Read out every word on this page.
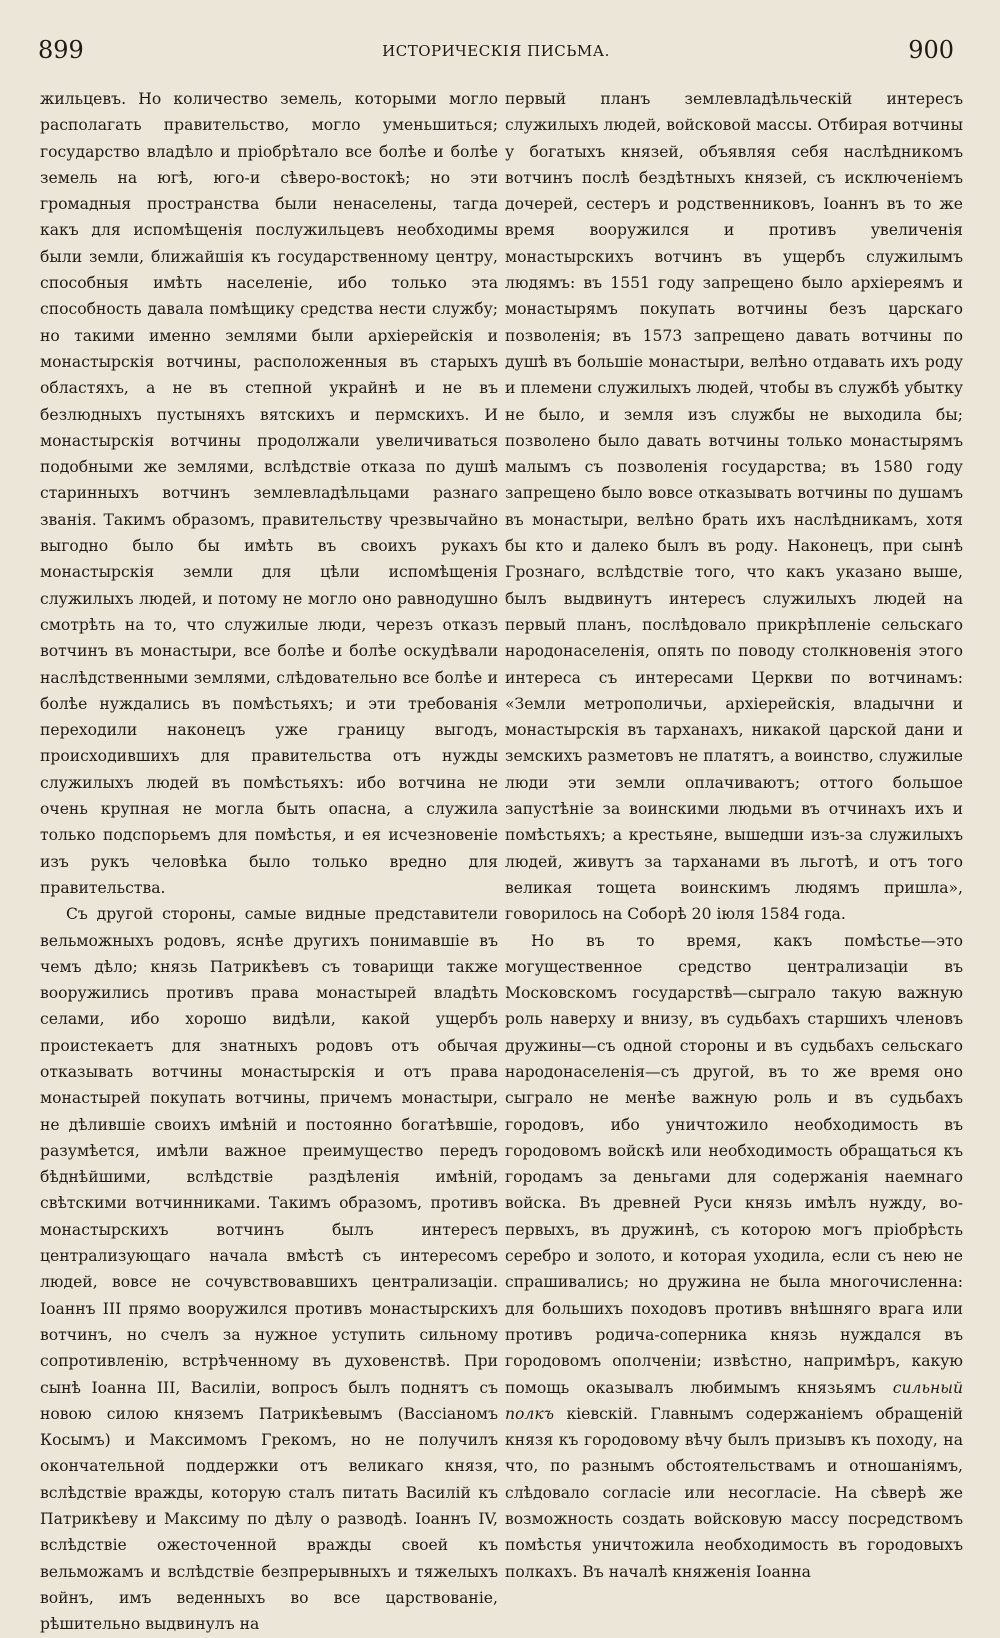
899	ИСТОРИЧЕСКІЯ ПИСЬМА.	900

жильцевъ. Но количество земель, которыми могло располагать правительство, могло уменьшиться; государство владѣло и пріобрѣтало все болѣе и болѣе земель на югѣ, юго-и сѣверо-востокѣ; но эти громадныя пространства были ненаселены, тагда какъ для испомѣщенія послужильцевъ необходимы были земли, ближайшія къ государственному центру, способныя имѣть населеніе, ибо только эта способность давала помѣщику средства нести службу; но такими именно землями были архіерейскія и монастырскія вотчины, расположенныя въ старыхъ областяхъ, а не въ степной украйнѣ и не въ безлюдныхъ пустыняхъ вятскихъ и пермскихъ. И монастырскія вотчины продолжали увеличиваться подобными же землями, вслѣдствіе отказа по душѣ старинныхъ вотчинъ землевладѣльцами разнаго званія. Такимъ образомъ, правительству чрезвычайно выгодно было бы имѣть въ своихъ рукахъ монастырскія земли для цѣли испомѣщенія служилыхъ людей, и потому не могло оно равнодушно смотрѣть на то, что служилые люди, черезъ отказъ вотчинъ въ монастыри, все болѣе и болѣе оскудѣвали наслѣдственными землями, слѣдовательно все болѣе и болѣе нуждались въ помѣстьяхъ; и эти требованія переходили наконецъ уже границу выгодъ, происходившихъ для правительства отъ нужды служилыхъ людей въ помѣстьяхъ: ибо вотчина не очень крупная не могла быть опасна, а служила только подспорьемъ для помѣстья, и ея исчезновеніе изъ рукъ человѣка было только вредно для правительства.

Съ другой стороны, самые видные представители вельможныхъ родовъ, яснѣе другихъ понимавшіе въ чемъ дѣло; князь Патрикѣевъ съ товарищи также вооружились противъ права монастырей владѣть селами, ибо хорошо видѣли, какой ущербъ проистекаетъ для знатныхъ родовъ отъ обычая отказывать вотчины монастырскія и отъ права монастырей покупать вотчины, причемъ монастыри, не дѣлившіе своихъ имѣній и постоянно богатѣвшіе, разумѣется, имѣли важное преимущество передъ бѣднѣйшими, вслѣдствіе раздѣленія имѣній, свѣтскими вотчинниками. Такимъ образомъ, противъ монастырскихъ вотчинъ былъ интересъ централизующаго начала вмѣстѣ съ интересомъ людей, вовсе не сочувствовавшихъ централизаціи. Іоаннъ III прямо вооружился противъ монастырскихъ вотчинъ, но счелъ за нужное уступить сильному сопротивленію, встрѣченному въ духовенствѣ. При сынѣ Іоанна III, Василіи, вопросъ былъ поднятъ съ новою силою княземъ Патрикѣевымъ (Вассіаномъ Косымъ) и Максимомъ Грекомъ, но не получилъ окончательной поддержки отъ великаго князя, вслѣдствіе вражды, которую сталъ питать Василій къ Патрикѣеву и Максиму по дѣлу о разводѣ. Іоаннъ IV, вслѣдствіе ожесточенной вражды своей къ вельможамъ и вслѣдствіе безпрерывныхъ и тяжелыхъ войнъ, имъ веденныхъ во все царствованіе, рѣшительно выдвинулъ на

первый планъ землевладѣльческій интересъ служилыхъ людей, войсковой массы. Отбирая вотчины у богатыхъ князей, объявляя себя наслѣдникомъ вотчинъ послѣ бездѣтныхъ князей, съ исключеніемъ дочерей, сестеръ и родственниковъ, Іоаннъ въ то же время вооружился и противъ увеличенія монастырскихъ вотчинъ въ ущербъ служилымъ людямъ: въ 1551 году запрещено было архіереямъ и монастырямъ покупать вотчины безъ царскаго позволенія; въ 1573 запрещено давать вотчины по душѣ въ большіе монастыри, велѣно отдавать ихъ роду и племени служилыхъ людей, чтобы въ службѣ убытку не было, и земля изъ службы не выходила бы; позволено было давать вотчины только монастырямъ малымъ съ позволенія государства; въ 1580 году запрещено было вовсе отказывать вотчины по душамъ въ монастыри, велѣно брать ихъ наслѣдникамъ, хотя бы кто и далеко былъ въ роду. Наконецъ, при сынѣ Грознаго, вслѣдствіе того, что какъ указано выше, былъ выдвинутъ интересъ служилыхъ людей на первый планъ, послѣдовало прикрѣпленіе сельскаго народонаселенія, опять по поводу столкновенія этого интереса съ интересами Церкви по вотчинамъ: «Земли метрополичьи, архіерейскія, владычни и монастырскія въ тарханахъ, никакой царской дани и земскихъ разметовъ не платятъ, а воинство, служилые люди эти земли оплачиваютъ; оттого большое запустѣніе за воинскими людьми въ отчинахъ ихъ и помѣстьяхъ; а крестьяне, вышедши изъ-за служилыхъ людей, живутъ за тарханами въ льготѣ, и отъ того великая тощета воинскимъ людямъ пришла», говорилось на Соборѣ 20 іюля 1584 года.

Но въ то время, какъ помѣстье—это могущественное средство централизаціи въ Московскомъ государствѣ—сыграло такую важную роль наверху и внизу, въ судьбахъ старшихъ членовъ дружины—съ одной стороны и въ судьбахъ сельскаго народонаселенія—съ другой, въ то же время оно сыграло не менѣе важную роль и въ судьбахъ городовъ, ибо уничтожило необходимость въ городовомъ войскѣ или необходимость обращаться къ городамъ за деньгами для содержанія наемнаго войска. Въ древней Руси князь имѣлъ нужду, во-первыхъ, въ дружинѣ, съ которою могъ пріобрѣсть серебро и золото, и которая уходила, если съ нею не спрашивались; но дружина не была многочисленна: для большихъ походовъ противъ внѣшняго врага или противъ родича-соперника князь нуждался въ городовомъ ополченіи; извѣстно, напримѣръ, какую помощь оказывалъ любимымъ князьямъ сильный полкъ кіевскій. Главнымъ содержаніемъ обращеній князя къ городовому вѣчу былъ призывъ къ походу, на что, по разнымъ обстоятельствамъ и отношаніямъ, слѣдовало согласіе или несогласіе. На сѣверѣ же возможность создать войсковую массу посредствомъ помѣстья уничтожила необходимость въ городовыхъ полкахъ. Въ началѣ княженія Іоанна
